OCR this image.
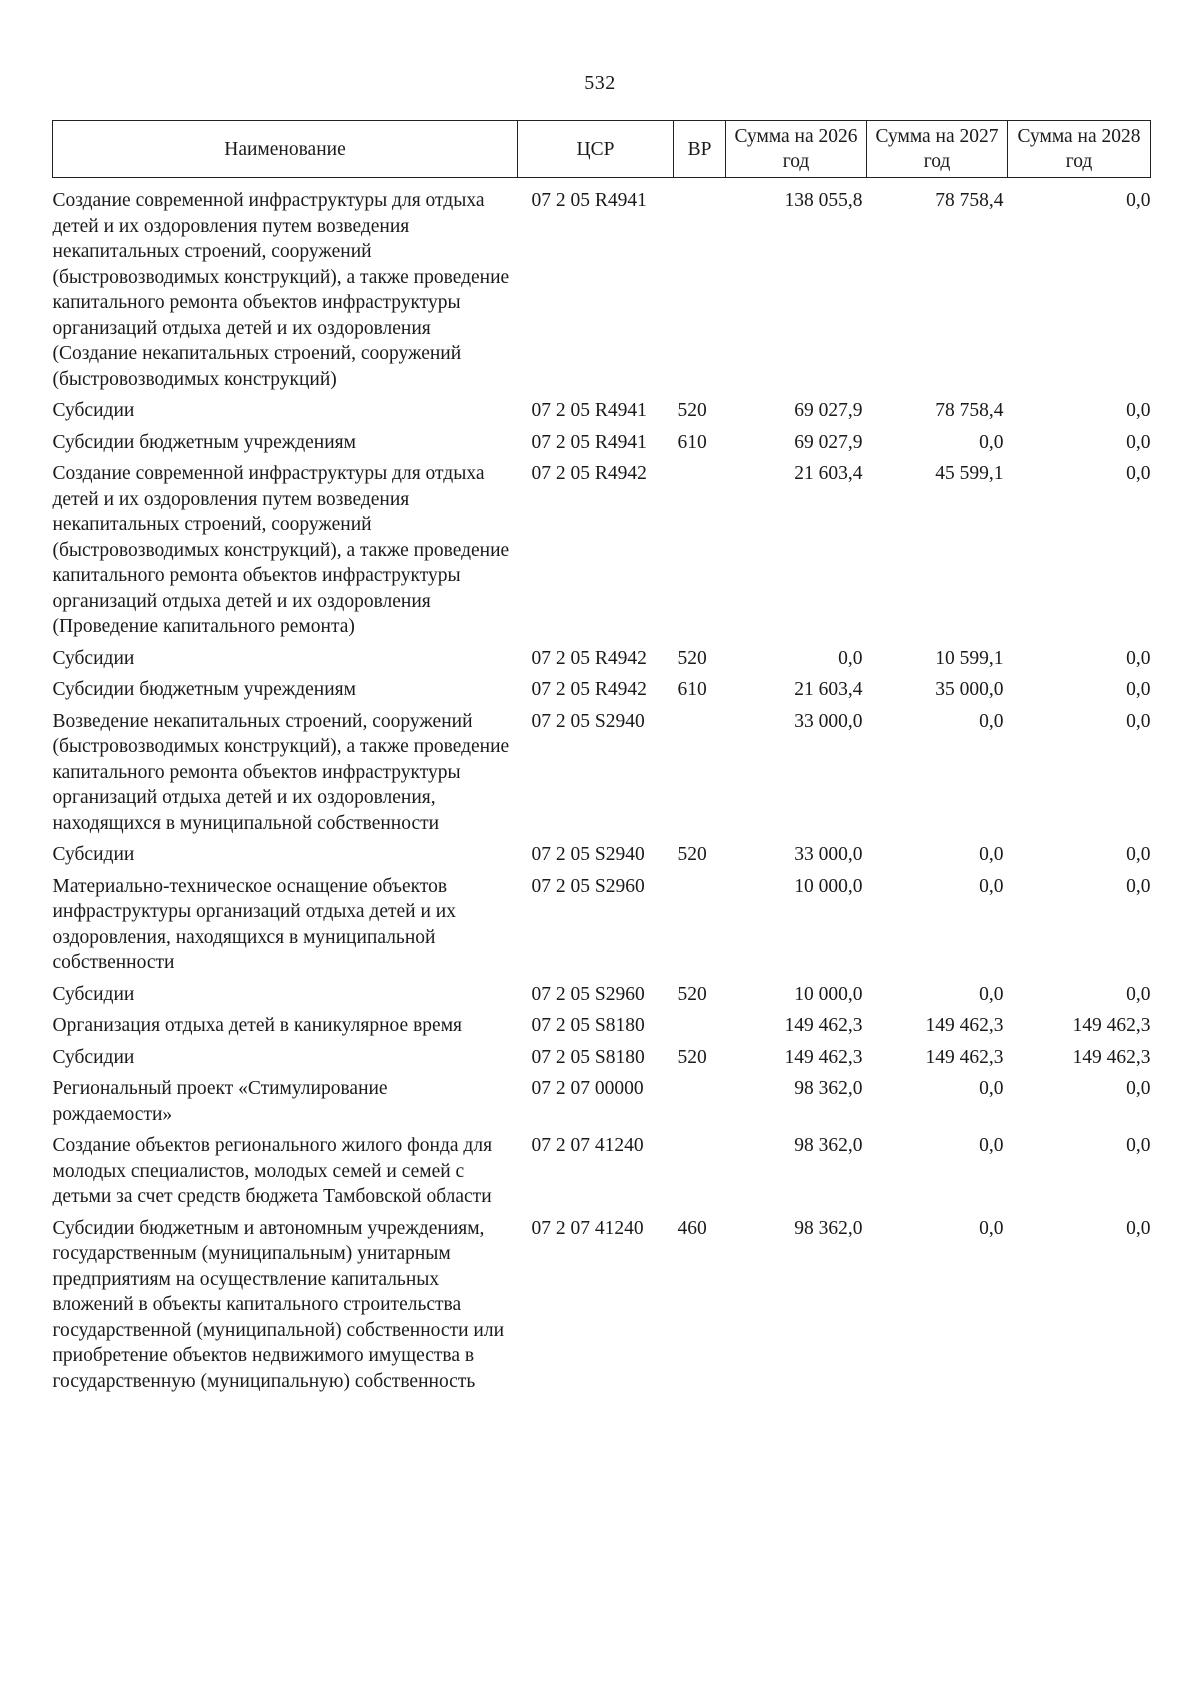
532
Наименование	ЦСР	ВР	Сумма на 2026 год	Сумма на 2027 год	Сумма на 2028 год
Создание современной инфраструктуры для отдыха детей и их оздоровления путем возведения некапитальных строений, сооружений (быстровозводимых конструкций), а также проведение капитального ремонта объектов инфраструктуры организаций отдыха детей и их оздоровления (Создание некапитальных строений, сооружений (быстровозводимых конструкций)	07 2 05 R4941		138 055,8	78 758,4	0,0
Субсидии	07 2 05 R4941	520	69 027,9	78 758,4	0,0
Субсидии бюджетным учреждениям	07 2 05 R4941	610	69 027,9	0,0	0,0
Создание современной инфраструктуры для отдыха детей и их оздоровления путем возведения некапитальных строений, сооружений (быстровозводимых конструкций), а также проведение капитального ремонта объектов инфраструктуры организаций отдыха детей и их оздоровления (Проведение капитального ремонта)	07 2 05 R4942		21 603,4	45 599,1	0,0
Субсидии	07 2 05 R4942	520	0,0	10 599,1	0,0
Субсидии бюджетным учреждениям	07 2 05 R4942	610	21 603,4	35 000,0	0,0
Возведение некапитальных строений, сооружений (быстровозводимых конструкций), а также проведение капитального ремонта объектов инфраструктуры организаций отдыха детей и их оздоровления, находящихся в муниципальной собственности	07 2 05 S2940		33 000,0	0,0	0,0
Субсидии	07 2 05 S2940	520	33 000,0	0,0	0,0
Материально-техническое оснащение объектов инфраструктуры организаций отдыха детей и их оздоровления, находящихся в муниципальной собственности	07 2 05 S2960		10 000,0	0,0	0,0
Субсидии	07 2 05 S2960	520	10 000,0	0,0	0,0
Организация отдыха детей в каникулярное время	07 2 05 S8180		149 462,3	149 462,3	149 462,3
Субсидии	07 2 05 S8180	520	149 462,3	149 462,3	149 462,3
Региональный проект «Стимулирование рождаемости»	07 2 07 00000		98 362,0	0,0	0,0
Создание объектов регионального жилого фонда для молодых специалистов, молодых семей и семей с детьми за счет средств бюджета Тамбовской области	07 2 07 41240		98 362,0	0,0	0,0
Субсидии бюджетным и автономным учреждениям, государственным (муниципальным) унитарным предприятиям на осуществление капитальных вложений в объекты капитального строительства государственной (муниципальной) собственности или приобретение объектов недвижимого имущества в государственную (муниципальную) собственность	07 2 07 41240	460	98 362,0	0,0	0,0
